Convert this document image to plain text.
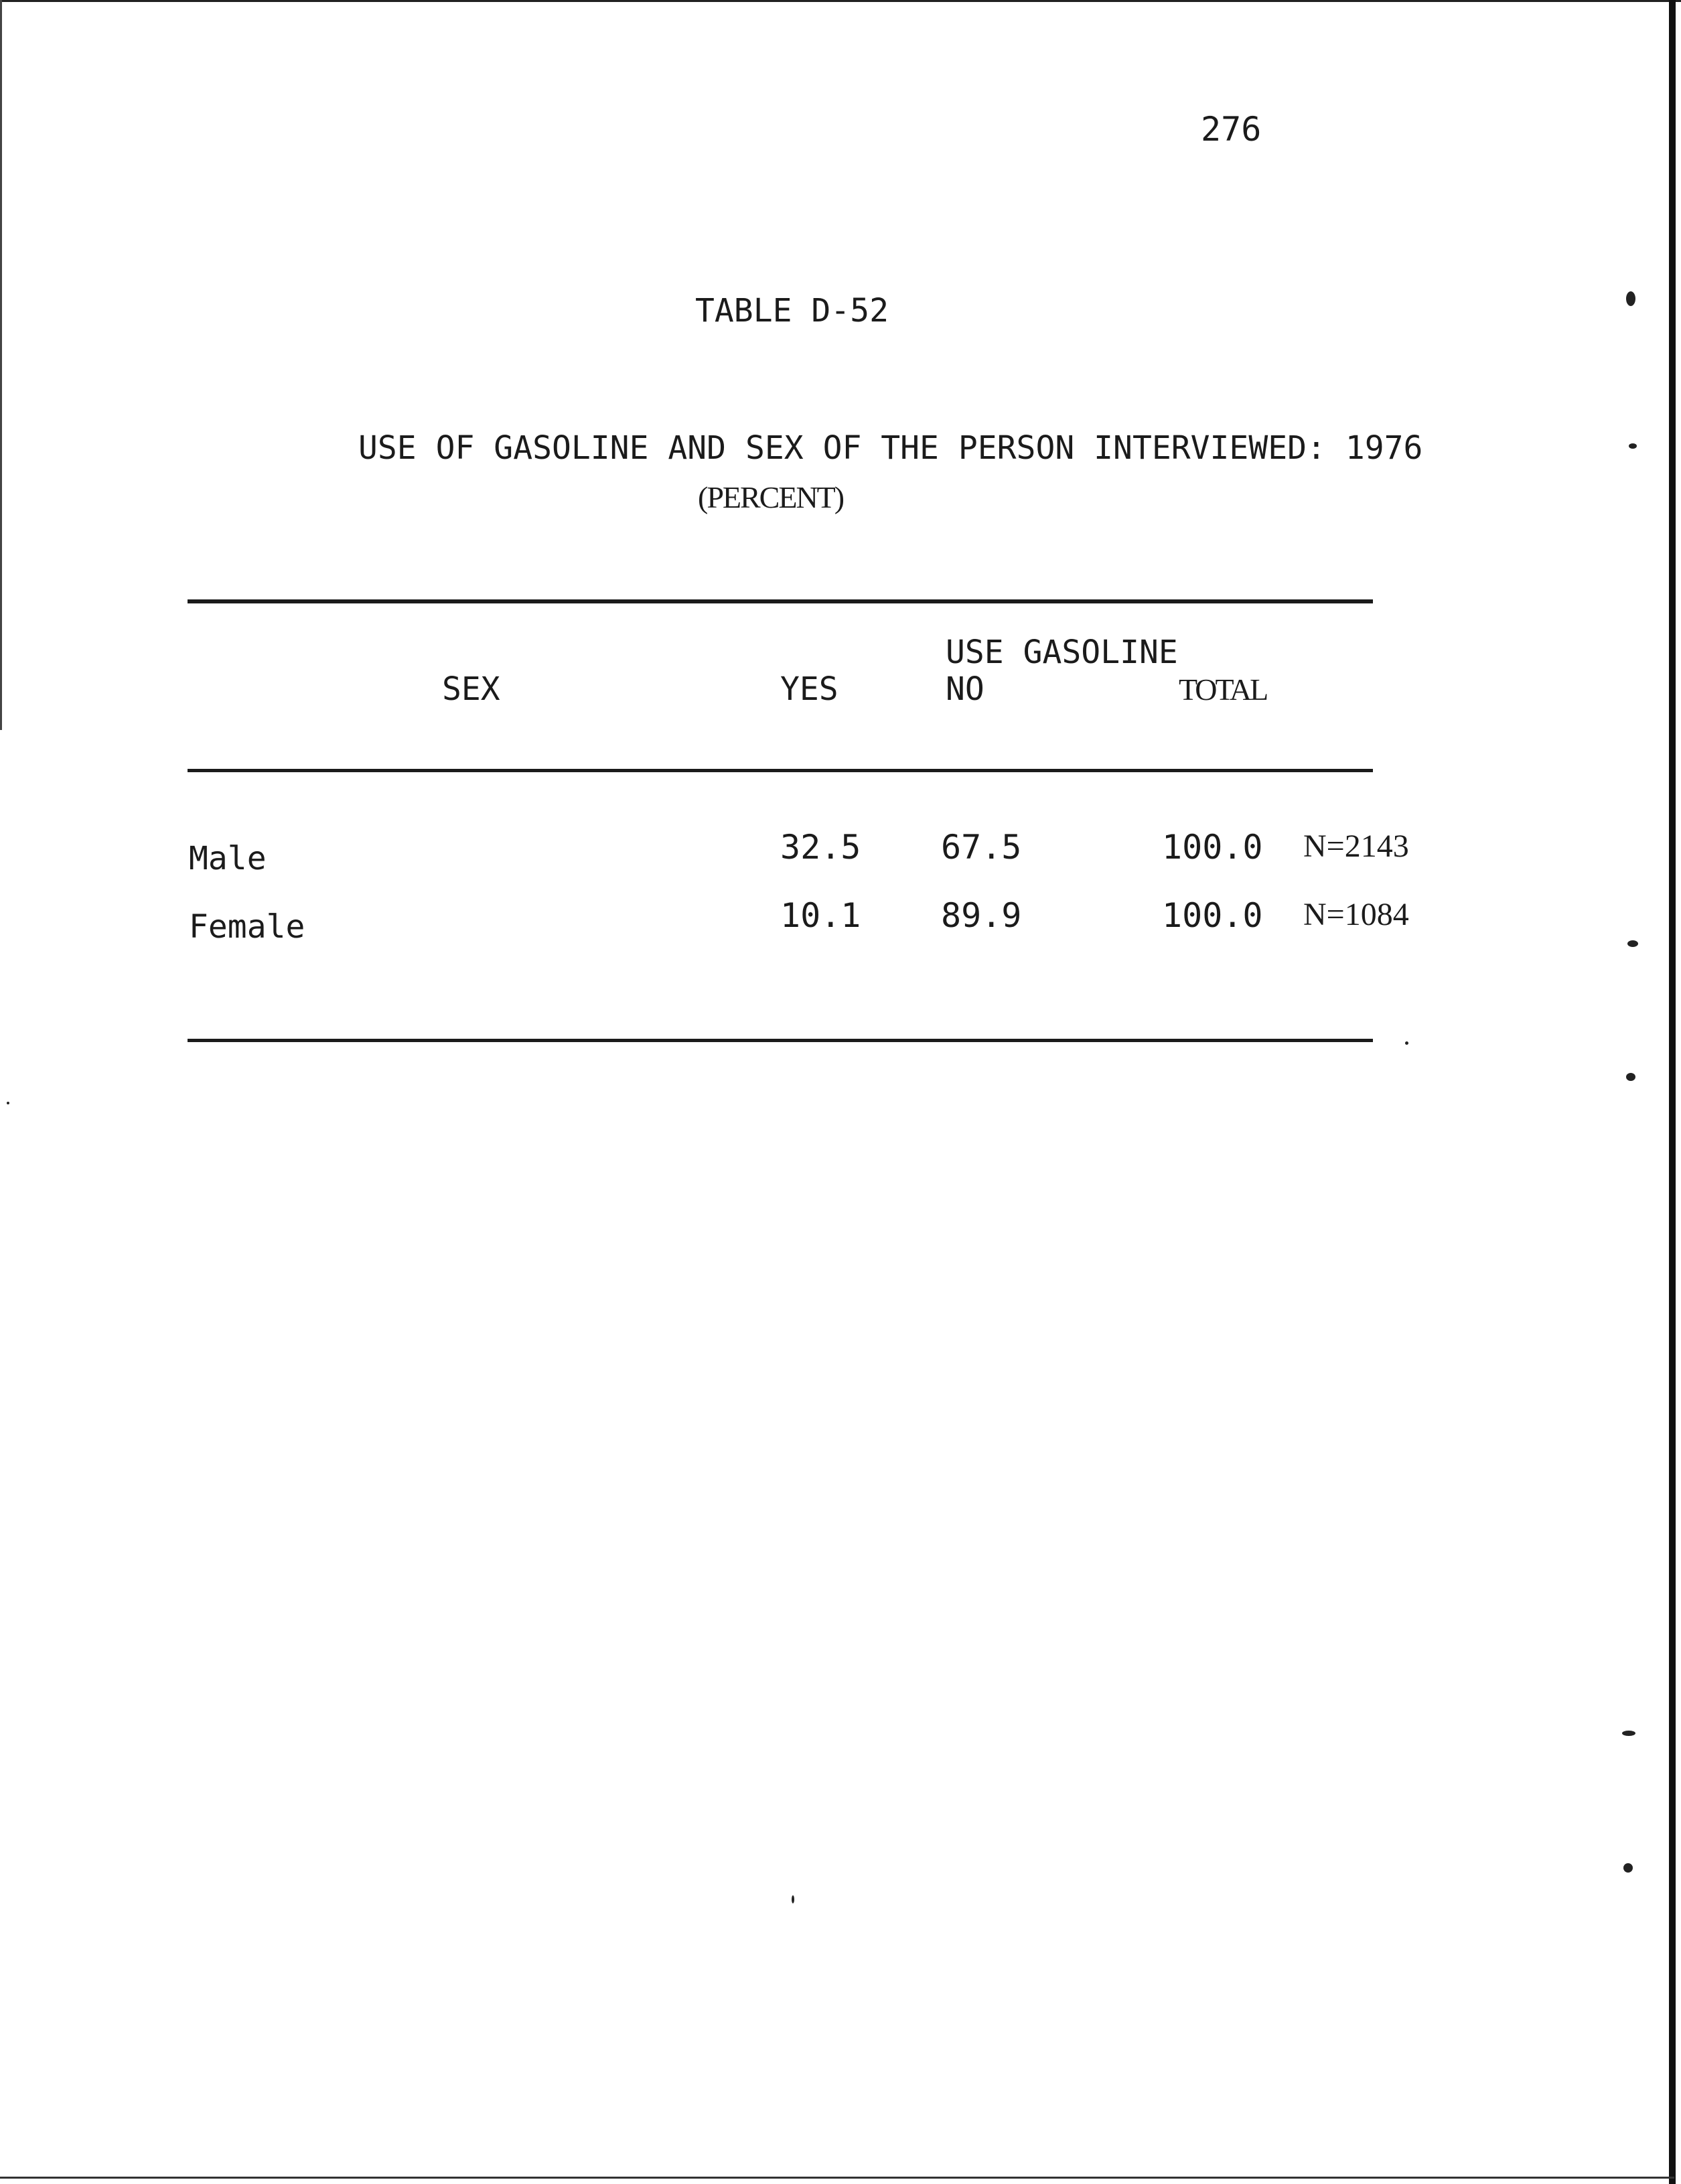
276
TABLE D-52
USE OF GASOLINE AND SEX OF THE PERSON INTERVIEWED: 1976
(PERCENT)
SEX
USE GASOLINE
YES	NO	TOTAL
Male	32.5 67.5	100.0 N=2143
Female	10.1 89.9	100.0 N=1084
